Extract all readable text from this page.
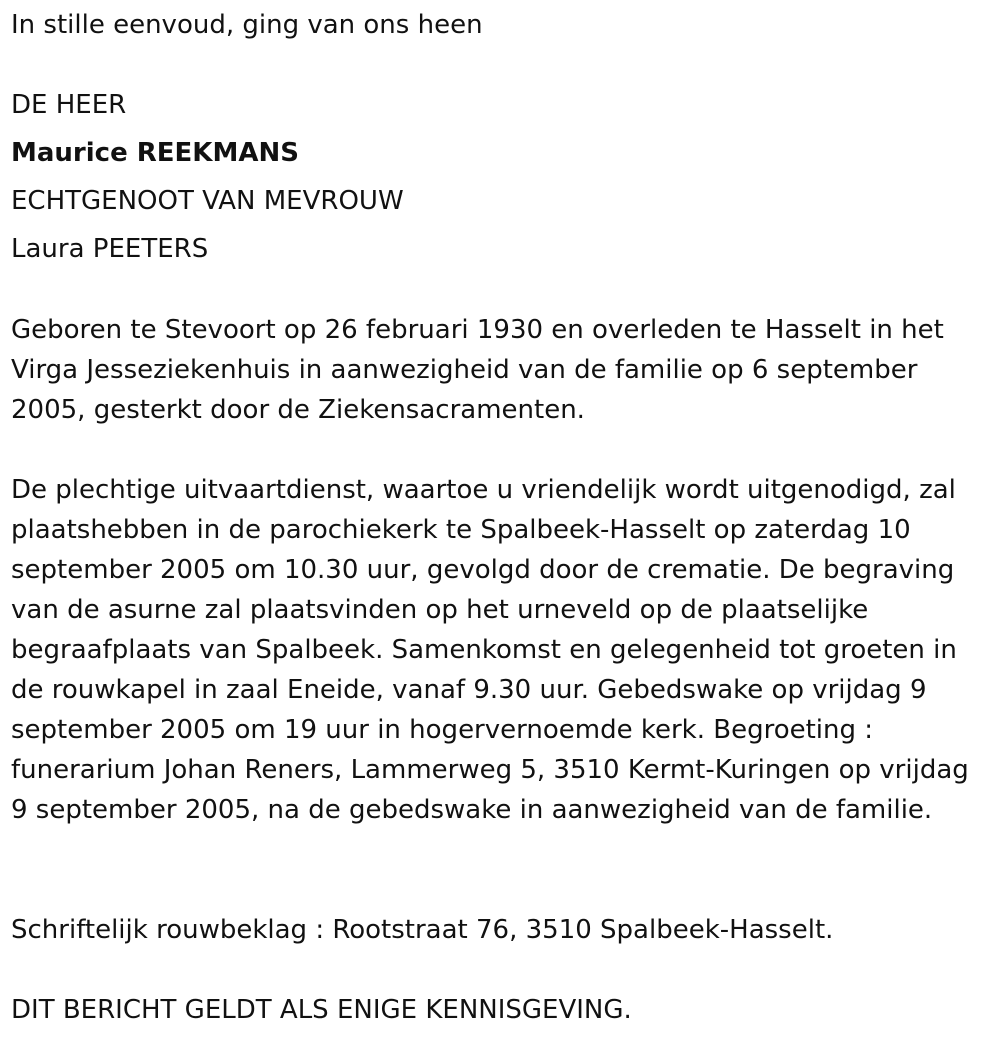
In stille eenvoud, ging van ons heen
DE HEER
Maurice REEKMANS
ECHTGENOOT VAN MEVROUW
Laura PEETERS

Geboren te Stevoort op 26 februari 1930 en overleden te Hasselt in het Virga Jesseziekenhuis in aanwezigheid van de familie op 6 september 2005, gesterkt door de Ziekensacramenten.

De plechtige uitvaartdienst, waartoe u vriendelijk wordt uitgenodigd, zal plaatshebben in de parochiekerk te Spalbeek-Hasselt op zaterdag 10 september 2005 om 10.30 uur, gevolgd door de crematie. De begraving van de asurne zal plaatsvinden op het urneveld op de plaatselijke begraafplaats van Spalbeek. Samenkomst en gelegenheid tot groeten in de rouwkapel in zaal Eneide, vanaf 9.30 uur. Gebedswake op vrijdag 9 september 2005 om 19 uur in hogervernoemde kerk. Begroeting : funerarium Johan Reners, Lammerweg 5, 3510 Kermt-Kuringen op vrijdag 9 september 2005, na de gebedswake in aanwezigheid van de familie.

Schriftelijk rouwbeklag : Rootstraat 76, 3510 Spalbeek-Hasselt.
DIT BERICHT GELDT ALS ENIGE KENNISGEVING.
